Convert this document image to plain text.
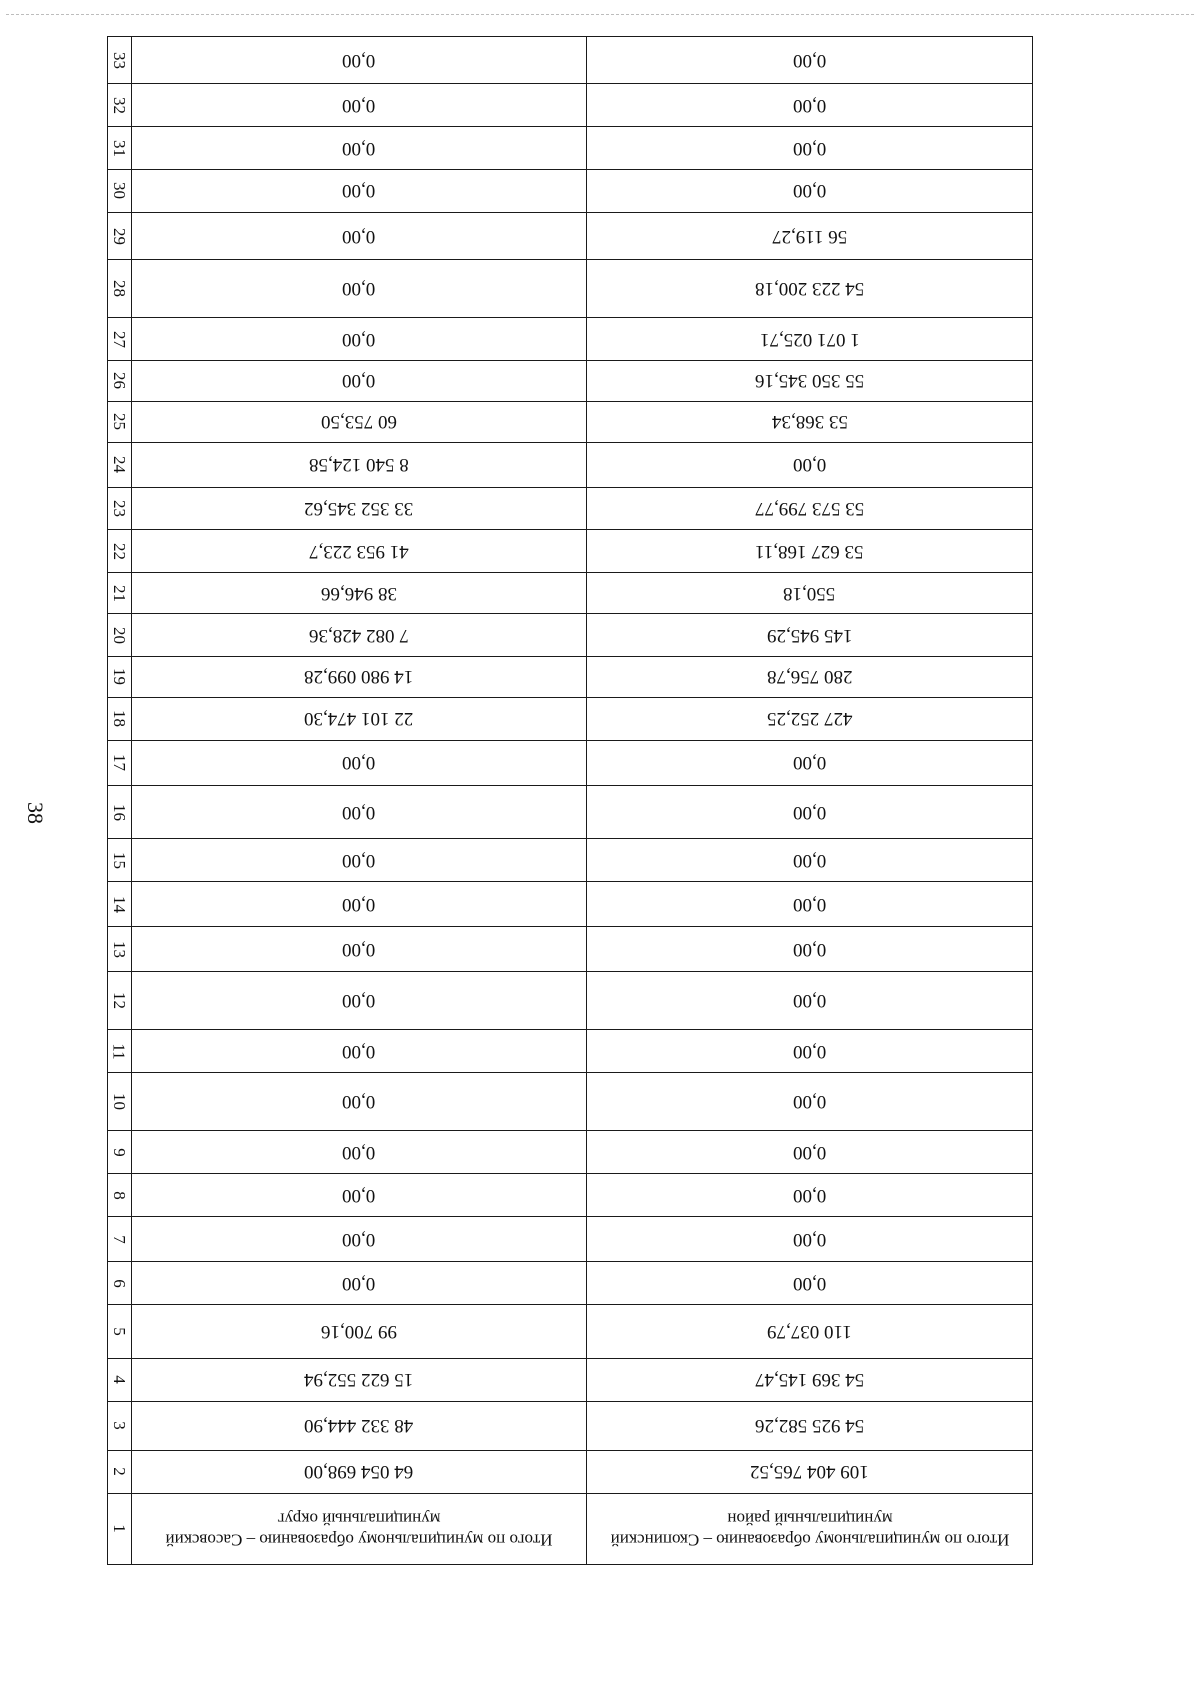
38
33	0,00	0,00
32	0,00	0,00
31	0,00	0,00
30	0,00	0,00
29	0,00	56 119,27
28	0,00	54 223 200,18
27	0,00	1 071 025,71
26	0,00	55 350 345,16
25	60 753,50	53 368,34
24	8 540 124,58	0,00
23	33 352 345,62	53 573 799,77
22	41 953 223,7	53 627 168,11
21	38 946,66	550,18
20	7 082 428,36	145 945,29
19	14 980 099,28	280 756,78
18	22 101 474,30	427 252,25
17	0,00	0,00
16	0,00	0,00
15	0,00	0,00
14	0,00	0,00
13	0,00	0,00
12	0,00	0,00
11	0,00	0,00
10	0,00	0,00
9	0,00	0,00
8	0,00	0,00
7	0,00	0,00
6	0,00	0,00
5	99 700,16	110 037,79
4	15 622 552,94	54 369 145,47
3	48 332 444,90	54 925 582,26
2	64 054 698,00	109 404 765,52
1	Итого по муниципальному образованию – Сасовский муниципальный округ	Итого по муниципальному образованию – Скопинский муниципальный район
